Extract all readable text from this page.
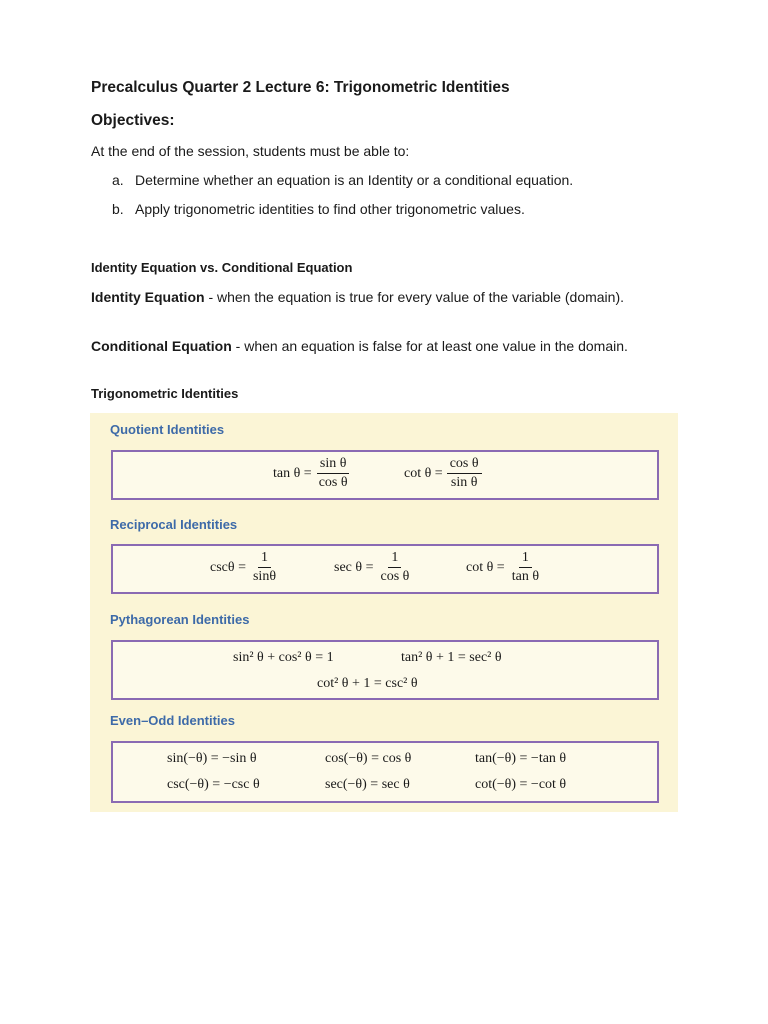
Precalculus Quarter 2 Lecture 6: Trigonometric Identities
Objectives:
At the end of the session, students must be able to:
a. Determine whether an equation is an Identity or a conditional equation.
b. Apply trigonometric identities to find other trigonometric values.
Identity Equation vs. Conditional Equation
Identity Equation - when the equation is true for every value of the variable (domain).
Conditional Equation - when an equation is false for at least one value in the domain.
Trigonometric Identities
Quotient Identities
$\tan \theta = \frac{\text{sin θ}}{\text{cos θ}}$	$\cot \theta = \frac{\text{cos θ}}{\text{sin θ}}$
Reciprocal Identities
$\csc\theta = \frac{1}{\sin\theta}$	$\sec \theta = \frac{1}{\text{cos θ}}$	$\cot \theta = \frac{1}{\text{tan θ}}$
Pythagorean Identities
sin² θ + cos² θ = 1	tan² θ + 1 = sec² θ
cot² θ + 1 = csc² θ
Even–Odd Identities
sin(−θ) = −sin θ	cos(−θ) = cos θ	tan(−θ) = −tan θ
csc(−θ) = −csc θ	sec(−θ) = sec θ	cot(−θ) = −cot θ
